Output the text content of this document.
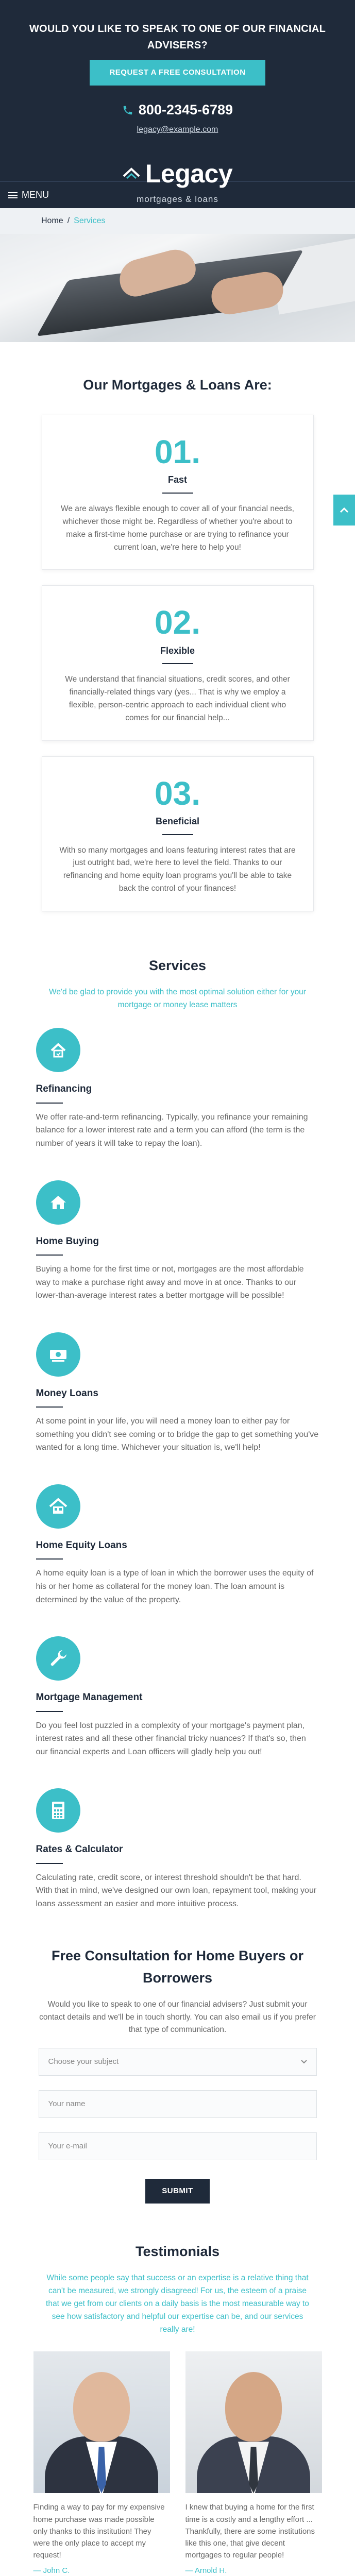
WOULD YOU LIKE TO SPEAK TO ONE OF OUR FINANCIAL ADVISERS?
REQUEST A FREE CONSULTATION
800-2345-6789
legacy@example.com
Legacy
mortgages & loans
MENU
Home / Services
Our Mortgages & Loans Are:
01.
Fast
We are always flexible enough to cover all of your financial needs, whichever those might be. Regardless of whether you're about to make a first-time home purchase or are trying to refinance your current loan, we're here to help you!
02.
Flexible
We understand that financial situations, credit scores, and other financially-related things vary (yes... That is why we employ a flexible, person-centric approach to each individual client who comes for our financial help...
03.
Beneficial
With so many mortgages and loans featuring interest rates that are just outright bad, we're here to level the field. Thanks to our refinancing and home equity loan programs you'll be able to take back the control of your finances!
Services
We'd be glad to provide you with the most optimal solution either for your mortgage or money lease matters
Refinancing
We offer rate-and-term refinancing. Typically, you refinance your remaining balance for a lower interest rate and a term you can afford (the term is the number of years it will take to repay the loan).
Home Buying
Buying a home for the first time or not, mortgages are the most affordable way to make a purchase right away and move in at once. Thanks to our lower-than-average interest rates a better mortgage will be possible!
Money Loans
At some point in your life, you will need a money loan to either pay for something you didn't see coming or to bridge the gap to get something you've wanted for a long time. Whichever your situation is, we'll help!
Home Equity Loans
A home equity loan is a type of loan in which the borrower uses the equity of his or her home as collateral for the money loan. The loan amount is determined by the value of the property.
Mortgage Management
Do you feel lost puzzled in a complexity of your mortgage's payment plan, interest rates and all these other financial tricky nuances? If that's so, then our financial experts and Loan officers will gladly help you out!
Rates & Calculator
Calculating rate, credit score, or interest threshold shouldn't be that hard. With that in mind, we've designed our own loan, repayment tool, making your loans assessment an easier and more intuitive process.
Free Consultation for Home Buyers or Borrowers
Would you like to speak to one of our financial advisers? Just submit your contact details and we'll be in touch shortly. You can also email us if you prefer that type of communication.
Choose your subject
Your name
Your e-mail
SUBMIT
Testimonials
While some people say that success or an expertise is a relative thing that can't be measured, we strongly disagreed! For us, the esteem of a praise that we get from our clients on a daily basis is the most measurable way to see how satisfactory and helpful our expertise can be, and our services really are!
Finding a way to pay for my expensive home purchase was made possible only thanks to this institution! They were the only place to accept my request!
— John C.
I knew that buying a home for the first time is a costly and a lengthy effort ... Thankfully, there are some institutions like this one, that give decent mortgages to regular people!
— Arnold H.
